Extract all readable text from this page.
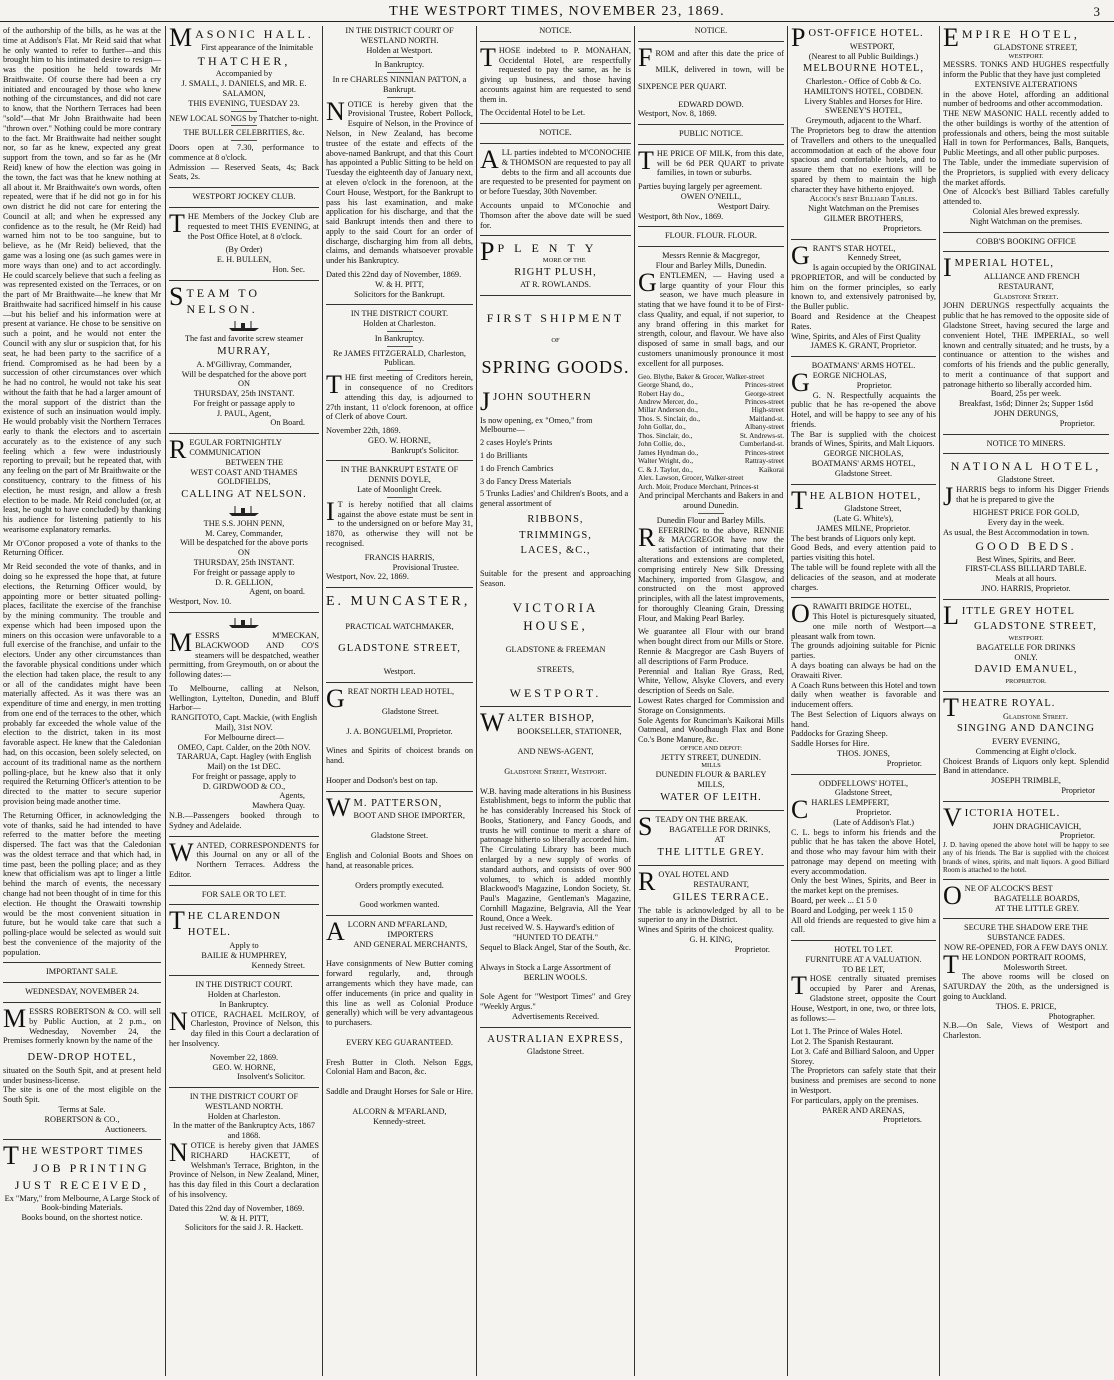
THE WESTPORT TIMES, NOVEMBER 23, 1869.	3
of the authorship of the bills, as he was at the time at Addison's Flat. Mr Reid said that what he only wanted to refer to further—and this brought him to his intimated desire to resign—was the position he held towards Mr Braithwaite. Of course there had been a cry initiated and encouraged by those who knew nothing of the circumstances, and did not care to know, that the Northern Terraces had been "sold"—that Mr John Braithwaite had been "thrown over." Nothing could be more contrary to the fact. Mr Braithwaite had neither sought nor, so far as he knew, expected any great support from the town, and so far as he (Mr Reid) knew of how the election was going in the town, the fact was that he knew nothing at all about it. Mr Braithwaite's own words, often repeated, were that if he did not go in for his own district he did not care for entering the Council at all; and when he expressed any confidence as to the result, he (Mr Reid) had warned him not to be too sanguine, but to believe, as he (Mr Reid) believed, that the game was a losing one (as such games were in more ways than one) and to act accordingly. He could scarcely believe that such a feeling as was represented existed on the Terraces, or on the part of Mr Braithwaite—he knew that Mr Braithwaite had sacrificed himself in his cause—but his belief and his information were at present at variance. He chose to be sensitive on such a point, and he would not enter the Council with any slur or suspicion that, for his seat, he had been party to the sacrifice of a friend. Compromised as he had been by a succession of other circumstances over which he had no control, he would not take his seat without the faith that he had a larger amount of the moral support of the district than the existence of such an insinuation would imply. He would probably visit the Northern Terraces early to thank the electors and to ascertain accurately as to the existence of any such feeling which a few were industriously reporting to prevail; but he repeated that, with any feeling on the part of Mr Braithwaite or the constituency, contrary to the fitness of his election, he must resign, and allow a fresh election to be made. Mr Reid concluded (or, at least, he ought to have concluded) by thanking his audience for listening patiently to his wearisome explanatory remarks.
Mr O'Conor proposed a vote of thanks to the Returning Officer.
Mr Reid seconded the vote of thanks, and in doing so he expressed the hope that, at future elections, the Returning Officer would, by appointing more or better situated polling-places, facilitate the exercise of the franchise by the mining community. The trouble and expense which had been imposed upon the miners on this occasion were unfavorable to a full exercise of the franchise, and unfair to the electors. Under any other circumstances than the favorable physical conditions under which the election had taken place, the result to any or all of the candidates might have been materially affected. As it was there was an expenditure of time and energy, in men trotting from one end of the terraces to the other, which probably far exceeded the whole value of the election to the district, taken in its most favorable aspect. He knew that the Caledonian had, on this occasion, been solely selected, on account of its traditional name as the northern polling-place, but he knew also that it only required the Returning Officer's attention to be directed to the matter to secure superior provision being made another time.
The Returning Officer, in acknowledging the vote of thanks, said he had intended to have referred to the matter before the meeting dispersed. The fact was that the Caledonian was the oldest terrace and that which had, in time past, been the polling place; and as they knew that officialism was apt to linger a little behind the march of events, the necessary change had not been thought of in time for this election. He thought the Orawaiti township would be the most convenient situation in future, but he would take care that such a polling-place would be selected as would suit best the convenience of the majority of the population.
IMPORTANT SALE.
WEDNESDAY, NOVEMBER 24.
MESSRS ROBERTSON & CO. will sell by Public Auction, at 2 p.m., on Wednesday, November 24, the Premises formerly known by the name of the
DEW-DROP HOTEL,
situated on the South Spit, and at present held under business-license.
The site is one of the most eligible on the South Spit.
Terms at Sale.
ROBERTSON & CO.,
Auctioneers.
THE WESTPORT TIMES
JOB PRINTING
JUST RECEIVED,
Ex "Mary," from Melbourne, A Large Stock of Book-binding Materials.
Books bound, on the shortest notice.
MASONIC HALL.
First appearance of the Inimitable
THATCHER,
Accompanied by
J. SMALL, J. DANIELS, and MR. E. SALAMON,
THIS EVENING, TUESDAY 23.
NEW LOCAL SONGS by Thatcher to-night.
THE BULLER CELEBRITIES, &c.
Doors open at 7.30, performance to commence at 8 o'clock.
Admission — Reserved Seats, 4s; Back Seats, 2s.
WESTPORT JOCKEY CLUB.
THE Members of the Jockey Club are requested to meet THIS EVENING, at the Post Office Hotel, at 8 o'clock.
(By Order)
E. H. BULLEN,
Hon. Sec.
STEAM TO NELSON.
The fast and favorite screw steamer
MURRAY,
A. M'Gillivray, Commander,
Will be despatched for the above port
ON
THURSDAY, 25th INSTANT.
For freight or passage apply to
J. PAUL, Agent,
On Board.
REGULAR FORTNIGHTLY COMMUNICATION
BETWEEN THE
WEST COAST AND THAMES GOLDFIELDS,
CALLING AT NELSON.
THE S.S. JOHN PENN,
M. Carey, Commander,
Will be despatched for the above ports
ON
THURSDAY, 25th INSTANT.
For freight or passage apply to
D. R. GELLION,
Agent, on board.
Westport, Nov. 10.
MESSRS M'MECKAN, BLACKWOOD AND CO'S steamers will be despatched, weather permitting, from Greymouth, on or about the following dates:—
To Melbourne, calling at Nelson, Wellington, Lyttelton, Dunedin, and Bluff Harbor—
RANGITOTO, Capt. Mackie, (with English Mail), 31st NOV.
For Melbourne direct—
OMEO, Capt. Calder, on the 20th NOV.
TARARUA, Capt. Hagley (with English Mail) on the 1st DEC.
For freight or passage, apply to
D. GIRDWOOD & CO.,
Agents,
Mawhera Quay.
N.B.—Passengers booked through to Sydney and Adelaide.
WANTED, CORRESPONDENTS for this Journal on any or all of the Northern Terraces. Address the Editor.
FOR SALE OR TO LET.
THE CLARENDON HOTEL.
Apply to
BAILIE & HUMPHREY,
Kennedy Street.
IN THE DISTRICT COURT.
Holden at Charleston.
In Bankruptcy.
NOTICE, RACHAEL McILROY, of Charleston, Province of Nelson, this day filed in this Court a declaration of her Insolvency.
November 22, 1869.
GEO. W. HORNE,
Insolvent's Solicitor.
IN THE DISTRICT COURT OF WESTLAND NORTH.
Holden at Charleston.
In the matter of the Bankruptcy Acts, 1867 and 1868.
NOTICE is hereby given that JAMES RICHARD HACKETT, of Welshman's Terrace, Brighton, in the Province of Nelson, in New Zealand, Miner, has this day filed in this Court a declaration of his insolvency.
Dated this 22nd day of November, 1869.
W. & H. PITT,
Solicitors for the said J. R. Hackett.
IN THE DISTRICT COURT OF WESTLAND NORTH.
Holden at Westport.
In Bankruptcy.
In re CHARLES NINNIAN PATTON, a Bankrupt.
NOTICE is hereby given that the Provisional Trustee, Robert Pollock, Esquire of Nelson, in the Province of Nelson, in New Zealand, has become trustee of the estate and effects of the above-named Bankrupt, and that this Court has appointed a Public Sitting to be held on Tuesday the eighteenth day of January next, at eleven o'clock in the forenoon, at the Court House, Westport, for the Bankrupt to pass his last examination, and make application for his discharge, and that the said Bankrupt intends then and there to apply to the said Court for an order of discharge, discharging him from all debts, claims, and demands whatsoever provable under his Bankruptcy.
Dated this 22nd day of November, 1869.
W. & H. PITT,
Solicitors for the Bankrupt.
IN THE DISTRICT COURT.
Holden at Charleston.
In Bankruptcy.
Re JAMES FITZGERALD, Charleston, Publican.
THE first meeting of Creditors herein, in consequence of no Creditors attending this day, is adjourned to 27th instant, 11 o'clock forenoon, at office of Clerk of above Court.
November 22th, 1869.
GEO. W. HORNE,
Bankrupt's Solicitor.
IN THE BANKRUPT ESTATE OF DENNIS DOYLE,
Late of Moonlight Creek.
I T is hereby notified that all claims against the above estate must be sent in to the undersigned on or before May 31, 1870, as otherwise they will not be recognised.
FRANCIS HARRIS,
Provisional Trustee.
Westport, Nov. 22, 1869.
E. MUNCASTER,
PRACTICAL WATCHMAKER,
GLADSTONE STREET,
Westport.
GREAT NORTH LEAD HOTEL,
Gladstone Street.
J. A. BONGUELMI, Proprietor.
Wines and Spirits of choicest brands on hand.
Hooper and Dodson's best on tap.
W M. PATTERSON,
BOOT AND SHOE IMPORTER,
Gladstone Street.
English and Colonial Boots and Shoes on hand, at reasonable prices.
Orders promptly executed.
Good workmen wanted.
ALCORN AND M'FARLAND,
IMPORTERS
AND GENERAL MERCHANTS,
Have consignments of New Butter coming forward regularly, and, through arrangements which they have made, can offer inducements (in price and quality in this line as well as Colonial Produce generally) which will be very advantageous to purchasers.
EVERY KEG GUARANTEED.
Fresh Butter in Cloth. Nelson Eggs, Colonial Ham and Bacon, &c.
Saddle and Draught Horses for Sale or Hire.
ALCORN & M'FARLAND,
Kennedy-street.
NOTICE.
THOSE indebted to P. MONAHAN, Occidental Hotel, are respectfully requested to pay the same, as he is giving up business, and those having accounts against him are requested to send them in.
The Occidental Hotel to be Let.
NOTICE.
ALL parties indebted to M'CONOCHIE & THOMSON are requested to pay all debts to the firm and all accounts due are requested to be presented for payment on or before Tuesday, 30th November.
Accounts unpaid to M'Conochie and Thomson after the above date will be sued for.
PPLENTY
MORE OF THE
RIGHT PLUSH,
AT R. ROWLANDS.
FIRST SHIPMENT
OF
SPRING GOODS.
JJOHN SOUTHERN

Is now opening, ex "Omeo," from Melbourne—

2 cases Hoyle's Prints

1 do Brilliants

1 do French Cambrics

3 do Fancy Dress Materials

5 Trunks Ladies' and Children's Boots, and a general assortment of

RIBBONS,
TRIMMINGS,
LACES, &C.,
Suitable for the present and approaching Season.
VICTORIA HOUSE,
GLADSTONE & FREEMAN
STREETS,
WESTPORT.
WALTER BISHOP,
BOOKSELLER, STATIONER,
AND NEWS-AGENT,
Gladstone Street, Westport.
W.B. having made alterations in his Business Establishment, begs to inform the public that he has considerably Increased his Stock of Books, Stationery, and Fancy Goods, and trusts he will continue to merit a share of patronage hitherto so liberally accorded him.
The Circulating Library has been much enlarged by a new supply of works of standard authors, and consists of over 900 volumes, to which is added monthly Blackwood's Magazine, London Society, St. Paul's Magazine, Gentleman's Magazine, Cornhill Magazine, Belgravia, All the Year Round, Once a Week.
Just received W. S. Hayward's edition of
"HUNTED TO DEATH."
Sequel to Black Angel, Star of the South, &c.
Always in Stock a Large Assortment of
BERLIN WOOLS.
Sole Agent for "Westport Times" and Grey "Weekly Argus."
Advertisements Received.
AUSTRALIAN EXPRESS,
Gladstone Street.
NOTICE.
FROM and after this date the price of MILK, delivered in town, will be SIXPENCE PER QUART.
EDWARD DOWD.
Westport, Nov. 8, 1869.
PUBLIC NOTICE.
THE PRICE OF MILK, from this date, will be 6d PER QUART to private families, in town or suburbs.
Parties buying largely per agreement.
OWEN O'NEILL,
Westport Dairy.
Westport, 8th Nov., 1869.
FLOUR. FLOUR. FLOUR.
Messrs Rennie & Macgregor,
Flour and Barley Mills, Dunedin.
GENTLEMEN, — Having used a large quantity of your Flour this season, we have much pleasure in stating that we have found it to be of First-class Quality, and equal, if not superior, to any brand offering in this market for strength, colour, and flavour. We have also disposed of same in small bags, and our customers unanimously pronounce it most excellent for all purposes.
Geo. Blythe, Baker & Grocer, Walker-street
George Shand, do.,	Princes-street
Robert Hay do.,	George-street
Andrew Mercer, do.,	Princes-street
Millar Anderson do.,	High-street
Thos. S. Sinclair, do.,	Maitland-st.
John Gollar, do.,	Albany-street
Thos. Sinclair, do.,	St. Andrews-st.
John Collie, do.,	Cumberland-st.
James Hyndman do.,	Princes-street
Walter Wright, do.,	Rattray-street
C. & J. Taylor, do.,	Kaikorai
Alex. Lawson, Grocer, Walker-street
Arch. Moir, Produce Merchant, Princes-st
And principal Merchants and Bakers in and around Dunedin.
Dunedin Flour and Barley Mills.
REFERRING to the above, RENNIE & MACGREGOR have now the satisfaction of intimating that their alterations and extensions are completed, comprising entirely New Silk Dressing Machinery, imported from Glasgow, and constructed on the most approved principles, with all the latest improvements, for thoroughly Cleaning Grain, Dressing Flour, and Making Pearl Barley.
We guarantee all Flour with our brand when bought direct from our Mills or Store.
Rennie & Macgregor are Cash Buyers of all descriptions of Farm Produce.
Perennial and Italian Rye Grass, Red, White, Yellow, Alsyke Clovers, and every description of Seeds on Sale.
Lowest Rates charged for Commission and Storage on Consignments.
Sole Agents for Runciman's Kaikorai Mills Oatmeal, and Woodhaugh Flax and Bone Co.'s Bone Manure, &c.
OFFICE AND DEPOT:
JETTY STREET, DUNEDIN.
MILLS
DUNEDIN FLOUR & BARLEY
MILLS,
WATER OF LEITH.
STEADY ON THE BREAK.
BAGATELLE FOR DRINKS,
AT
THE LITTLE GREY.
ROYAL HOTEL AND
RESTAURANT,
GILES TERRACE.
The table is acknowledged by all to be superior to any in the District.
Wines and Spirits of the choicest quality.
G. H. KING,
Proprietor.
POST-OFFICE HOTEL.
WESTPORT,
(Nearest to all Public Buildings.)
MELBOURNE HOTEL,
Charleston.- Office of Cobb & Co.
HAMILTON'S HOTEL, COBDEN.
Livery Stables and Horses for Hire.
SWEENEY'S HOTEL,
Greymouth, adjacent to the Wharf.
The Proprietors beg to draw the attention of Travellers and others to the unequalled accommodation at each of the above four spacious and comfortable hotels, and to assure them that no exertions will be spared by them to maintain the high character they have hitherto enjoyed.
Alcock's best Billiard Tables.
Night Watchman on the Premises
GILMER BROTHERS,
Proprietors.
GRANT'S STAR HOTEL,
Kennedy Street,
Is again occupied by the ORIGINAL PROPRIETOR, and will be conducted by him on the former principles, so early known to, and extensively patronised by, the Buller public.
Board and Residence at the Cheapest Rates.
Wine, Spirits, and Ales of First Quality
JAMES K. GRANT, Proprietor.
BOATMANS' ARMS HOTEL.
GEORGE NICHOLAS,
Proprietor.
G. N. Respectfully acquaints the public that he has re-opened the above Hotel, and will be happy to see any of his friends.
The Bar is supplied with the choicest brands of Wines, Spirits, and Malt Liquors.
GEORGE NICHOLAS,
BOATMANS' ARMS HOTEL,
Gladstone Street.
THE ALBION HOTEL,
Gladstone Street,
(Late G. White's),
JAMES MILNE, Proprietor.
The best brands of Liquors only kept.
Good Beds, and every attention paid to parties visiting this hotel.
The table will be found replete with all the delicacies of the season, and at moderate charges.
ORAWAITI BRIDGE HOTEL,
This Hotel is picturesquely situated, one mile north of Westport—a pleasant walk from town.
The grounds adjoining suitable for Picnic parties.
A days boating can always be had on the Orawaiti River.
A Coach Runs between this Hotel and town daily when weather is favorable and inducement offers.
The Best Selection of Liquors always on hand.
Paddocks for Grazing Sheep.
Saddle Horses for Hire.
THOS. JONES,
Proprietor.
ODDFELLOWS' HOTEL,
Gladstone Street,
CHARLES LEMPFERT,
Proprietor.
(Late of Addison's Flat.)
C. L. begs to inform his friends and the public that he has taken the above Hotel, and those who may favour him with their patronage may depend on meeting with every accommodation.
Only the best Wines, Spirits, and Beer in the market kept on the premises.
Board, per week ... £1 5 0
Board and Lodging, per week 1 15 0
All old friends are requested to give him a call.
HOTEL TO LET.
FURNITURE AT A VALUATION.
TO BE LET,
THOSE centrally situated premises occupied by Parer and Arenas, Gladstone street, opposite the Court House, Westport, in one, two, or three lots, as follows:—
Lot 1. The Prince of Wales Hotel.
Lot 2. The Spanish Restaurant.
Lot 3. Café and Billiard Saloon, and Upper Storey.
The Proprietors can safely state that their business and premises are second to none in Westport.
For particulars, apply on the premises.
PARER AND ARENAS,
Proprietors.
EMPIRE HOTEL,
GLADSTONE STREET,
WESTPORT.
MESSRS. TONKS AND HUGHES respectfully inform the Public that they have just completed
EXTENSIVE ALTERATIONS
in the above Hotel, affording an additional number of bedrooms and other accommodation.
THE NEW MASONIC HALL recently added to the other buildings is worthy of the attention of professionals and others, being the most suitable Hall in town for Performances, Balls, Banquets, Public Meetings, and all other public purposes.
The Table, under the immediate supervision of the Proprietors, is supplied with every delicacy the market affords.
One of Alcock's best Billiard Tables carefully attended to.
Colonial Ales brewed expressly.
Night Watchman on the premises.
COBB'S BOOKING OFFICE
IMPERIAL HOTEL,
ALLIANCE AND FRENCH
RESTAURANT,
Gladstone Street.
JOHN DERUNGS respectfully acquaints the public that he has removed to the opposite side of Gladstone Street, having secured the large and convenient Hotel, THE IMPERIAL, so well known and centrally situated; and he trusts, by a continuance or attention to the wishes and comforts of his friends and the public generally, to merit a continuance of that support and patronage hitherto so liberally accorded him.
Board, 25s per week.
Breakfast, 1s6d; Dinner 2s; Supper 1s6d
JOHN DERUNGS,
Proprietor.
NOTICE TO MINERS.
NATIONAL HOTEL,
Gladstone Street.
JHARRIS begs to inform his Digger Friends that he is prepared to give the
HIGHEST PRICE FOR GOLD,
Every day in the week.
As usual, the Best Accommodation in town.
GOOD BEDS.
Best Wines, Spirits, and Beer.
FIRST-CLASS BILLIARD TABLE.
Meals at all hours.
JNO. HARRIS, Proprietor.
LITTLE GREY HOTEL
GLADSTONE STREET,
WESTPORT.
BAGATELLE FOR DRINKS
ONLY.
DAVID EMANUEL,
PROPRIETOR.
THEATRE ROYAL.
Gladstone Street.
SINGING AND DANCING
EVERY EVENING,
Commencing at Eight o'clock.
Choicest Brands of Liquors only kept. Splendid Band in attendance.
JOSEPH TRIMBLE,
Proprietor
VICTORIA HOTEL.
JOHN DRAGHICAVICH,
Proprietor.
J. D. having opened the above hotel will be happy to see any of his friends. The Bar is supplied with the choicest brands of wines, spirits, and malt liquors. A good Billiard Room is attached to the hotel.
ONE OF ALCOCK'S BEST
BAGATELLE BOARDS,
AT THE LITTLE GREY.
SECURE THE SHADOW ERE THE SUBSTANCE FADES.
NOW RE-OPENED, FOR A FEW DAYS ONLY.
THE LONDON PORTRAIT ROOMS,
Molesworth Street.
The above rooms will be closed on SATURDAY the 20th, as the undersigned is going to Auckland.
THOS. E. PRICE,
Photographer.
N.B.—On Sale, Views of Westport and Charleston.
